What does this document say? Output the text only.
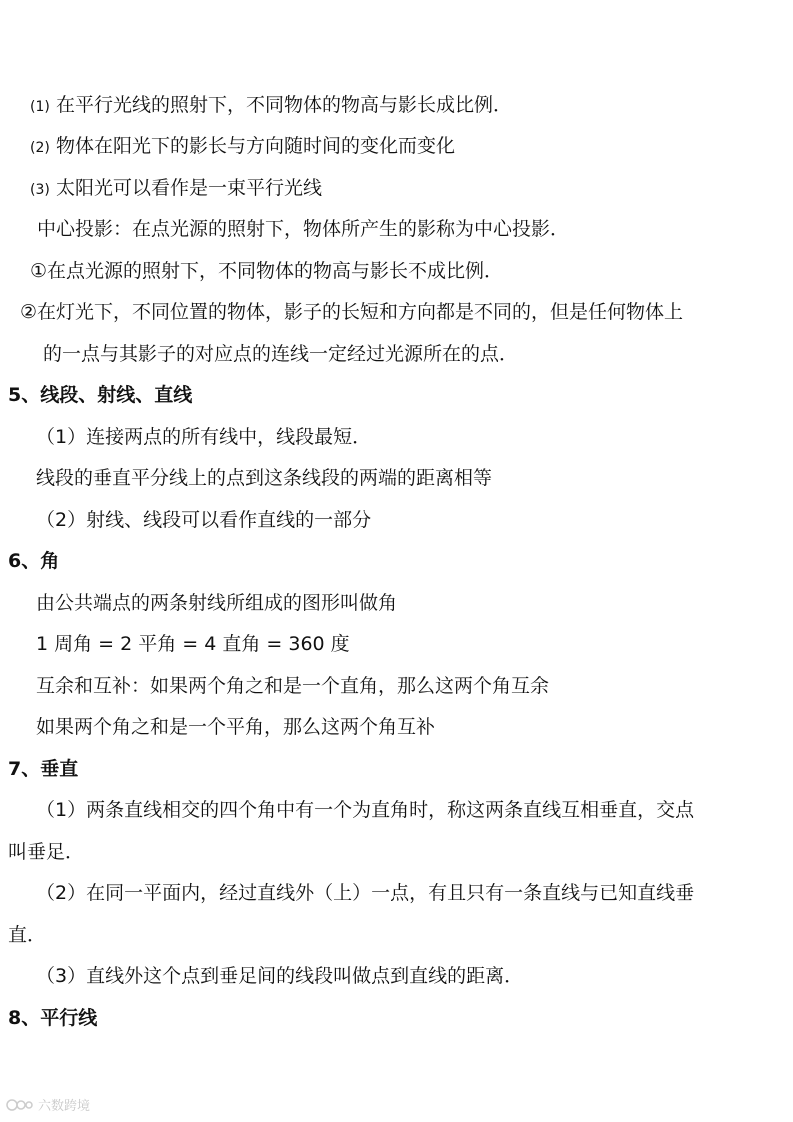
(1) 在平行光线的照射下，不同物体的物高与影长成比例．
(2) 物体在阳光下的影长与方向随时间的变化而变化
(3) 太阳光可以看作是一束平行光线
中心投影：在点光源的照射下，物体所产生的影称为中心投影．
①在点光源的照射下，不同物体的物高与影长不成比例．
②在灯光下，不同位置的物体，影子的长短和方向都是不同的，但是任何物体上
的一点与其影子的对应点的连线一定经过光源所在的点．
5、线段、射线、直线
（1）连接两点的所有线中，线段最短．
线段的垂直平分线上的点到这条线段的两端的距离相等
（2）射线、线段可以看作直线的一部分
6、角
由公共端点的两条射线所组成的图形叫做角
1 周角 = 2 平角 = 4 直角 = 360 度
互余和互补：如果两个角之和是一个直角，那么这两个角互余
如果两个角之和是一个平角，那么这两个角互补
7、垂直
（1）两条直线相交的四个角中有一个为直角时，称这两条直线互相垂直，交点
叫垂足．
（2）在同一平面内，经过直线外（上）一点，有且只有一条直线与已知直线垂
直．
（3）直线外这个点到垂足间的线段叫做点到直线的距离．
8、平行线
六数跨境
